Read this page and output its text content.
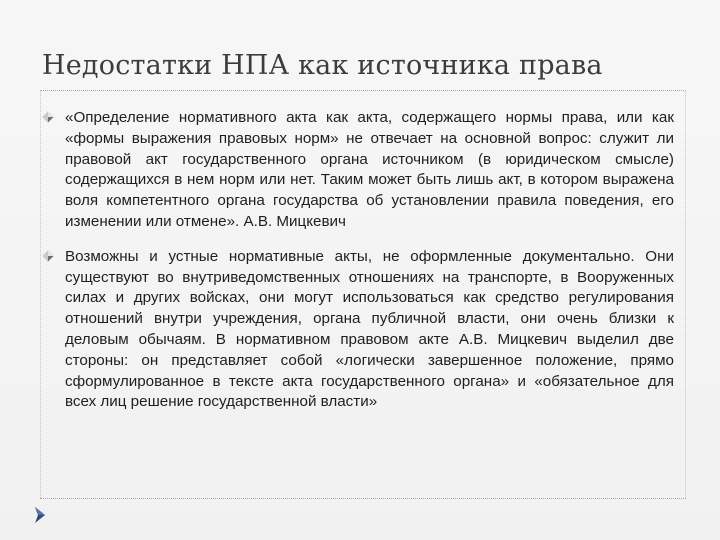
Недостатки НПА как источника права

«Определение нормативного акта как акта, содержащего нормы права, или как «формы выражения правовых норм» не отвечает на основной вопрос: служит ли правовой акт государственного органа источником (в юридическом смысле) содержащихся в нем норм или нет. Таким может быть лишь акт, в котором выражена воля компетентного органа государства об установлении правила поведения, его изменении или отмене». А.В. Мицкевич

Возможны и устные нормативные акты, не оформленные документально. Они существуют во внутриведомственных отношениях на транспорте, в Вооруженных силах и других войсках, они могут использоваться как средство регулирования отношений внутри учреждения, органа публичной власти, они очень близки к деловым обычаям. В нормативном правовом акте А.В. Мицкевич выделил две стороны: он представляет собой «логически завершенное положение, прямо сформулированное в тексте акта государственного органа» и «обязательное для всех лиц решение государственной власти»
